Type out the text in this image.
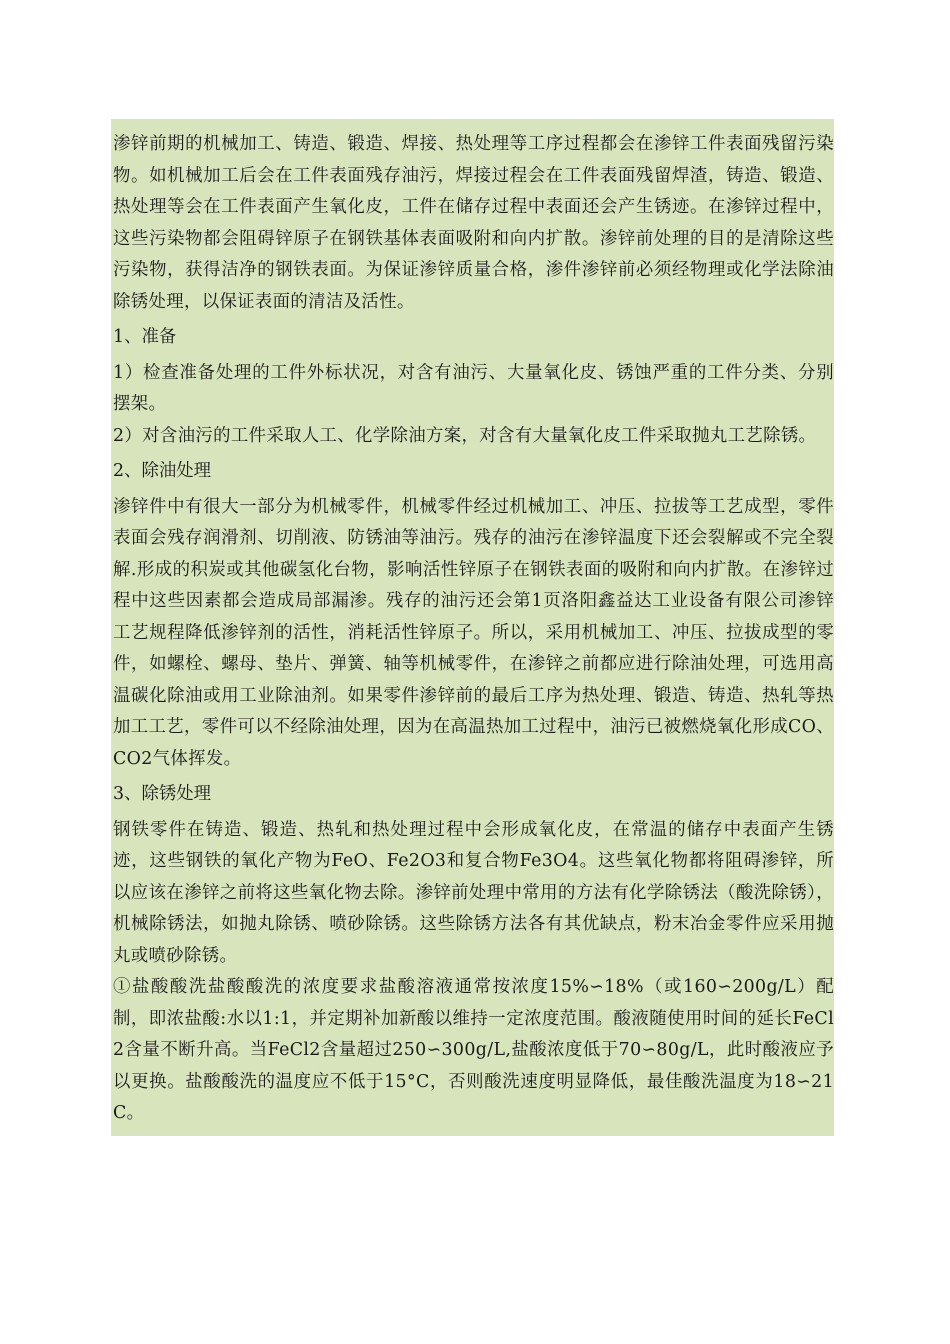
渗锌前期的机械加工、铸造、锻造、焊接、热处理等工序过程都会在渗锌工件表面残留污染物。如机械加工后会在工件表面残存油污，焊接过程会在工件表面残留焊渣，铸造、锻造、热处理等会在工件表面产生氧化皮，工件在储存过程中表面还会产生锈迹。在渗锌过程中，这些污染物都会阻碍锌原子在钢铁基体表面吸附和向内扩散。渗锌前处理的目的是清除这些污染物，获得洁净的钢铁表面。为保证渗锌质量合格，渗件渗锌前必须经物理或化学法除油除锈处理，以保证表面的清洁及活性。

1、准备

1）检查准备处理的工件外标状况，对含有油污、大量氧化皮、锈蚀严重的工件分类、分别摆架。

2）对含油污的工件采取人工、化学除油方案，对含有大量氧化皮工件采取抛丸工艺除锈。

2、除油处理

渗锌件中有很大一部分为机械零件，机械零件经过机械加工、冲压、拉拔等工艺成型，零件表面会残存润滑剂、切削液、防锈油等油污。残存的油污在渗锌温度下还会裂解或不完全裂解.形成的积炭或其他碳氢化台物，影响活性锌原子在钢铁表面的吸附和向内扩散。在渗锌过程中这些因素都会造成局部漏渗。残存的油污还会第1页洛阳鑫益达工业设备有限公司渗锌工艺规程降低渗锌剂的活性，消耗活性锌原子。所以，采用机械加工、冲压、拉拔成型的零件，如螺栓、螺母、垫片、弹簧、轴等机械零件，在渗锌之前都应进行除油处理，可选用高温碳化除油或用工业除油剂。如果零件渗锌前的最后工序为热处理、锻造、铸造、热轧等热加工工艺，零件可以不经除油处理，因为在高温热加工过程中，油污已被燃烧氧化形成CO、CO2气体挥发。

3、除锈处理

钢铁零件在铸造、锻造、热轧和热处理过程中会形成氧化皮，在常温的储存中表面产生锈迹，这些钢铁的氧化产物为FeO、Fe2O3和复合物Fe3O4。这些氧化物都将阻碍渗锌，所以应该在渗锌之前将这些氧化物去除。渗锌前处理中常用的方法有化学除锈法（酸洗除锈），机械除锈法，如抛丸除锈、喷砂除锈。这些除锈方法各有其优缺点，粉末冶金零件应采用抛丸或喷砂除锈。

①盐酸酸洗盐酸酸洗的浓度要求盐酸溶液通常按浓度15%∽18%（或160∽200g/L）配制，即浓盐酸:水以1:1，并定期补加新酸以维持一定浓度范围。酸液随使用时间的延长FeCl2含量不断升高。当FeCl2含量超过250∽300g/L,盐酸浓度低于70∽80g/L，此时酸液应予以更换。盐酸酸洗的温度应不低于15°C，否则酸洗速度明显降低，最佳酸洗温度为18∽21C。
